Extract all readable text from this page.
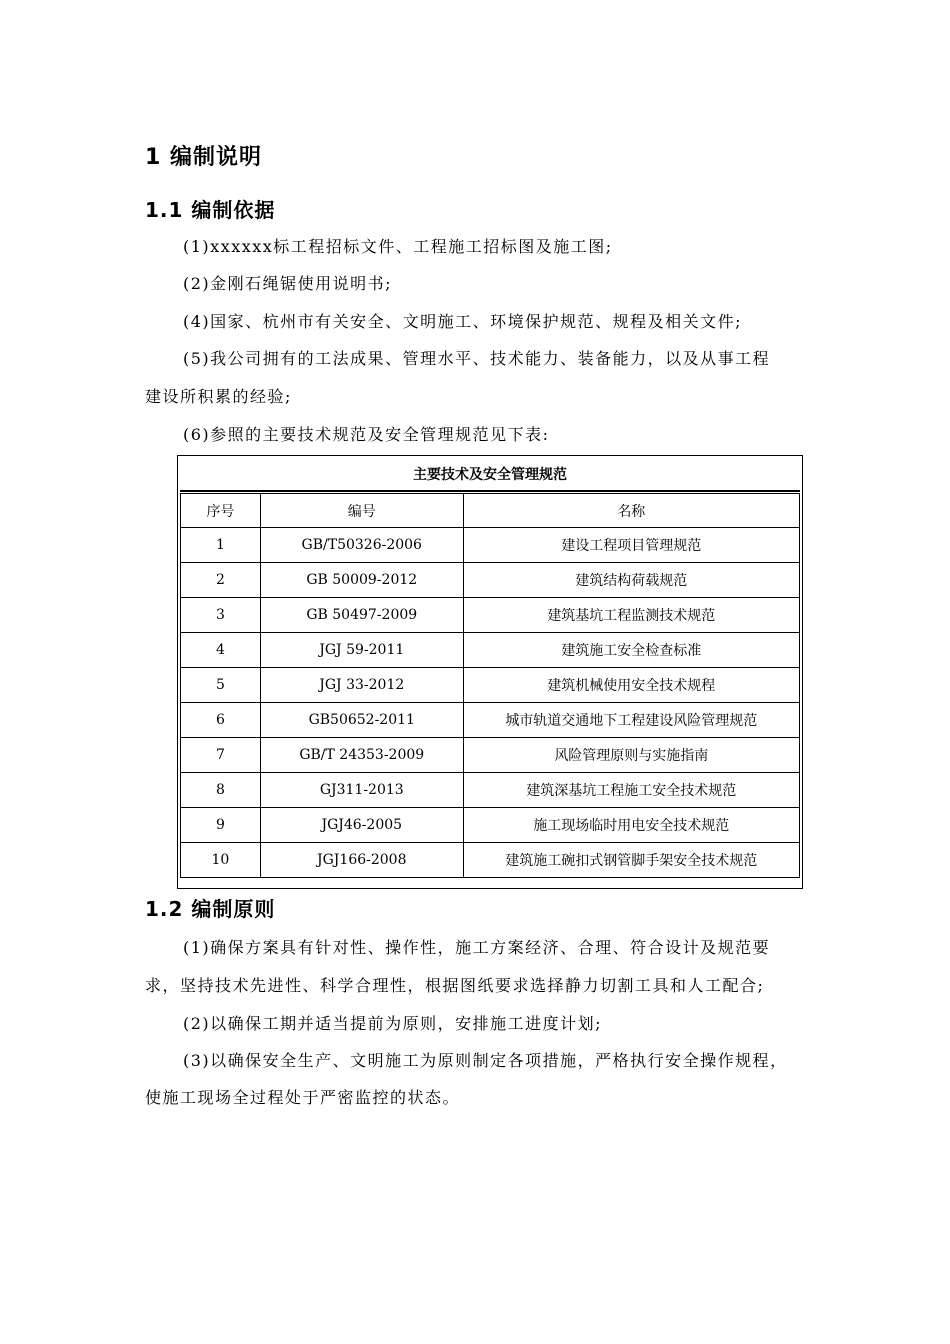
1 编制说明
1.1 编制依据
(1)xxxxxx标工程招标文件、工程施工招标图及施工图;
(2)金刚石绳锯使用说明书;
(4)国家、杭州市有关安全、文明施工、环境保护规范、规程及相关文件;
(5)我公司拥有的工法成果、管理水平、技术能力、装备能力，以及从事工程
建设所积累的经验;
(6)参照的主要技术规范及安全管理规范见下表:
主要技术及安全管理规范
序号	编号	名称
1	GB/T50326-2006	建设工程项目管理规范
2	GB 50009-2012	建筑结构荷载规范
3	GB 50497-2009	建筑基坑工程监测技术规范
4	JGJ 59-2011	建筑施工安全检查标准
5	JGJ 33-2012	建筑机械使用安全技术规程
6	GB50652-2011	城市轨道交通地下工程建设风险管理规范
7	GB/T 24353-2009	风险管理原则与实施指南
8	GJ311-2013	建筑深基坑工程施工安全技术规范
9	JGJ46-2005	施工现场临时用电安全技术规范
10	JGJ166-2008	建筑施工碗扣式钢管脚手架安全技术规范
1.2 编制原则
(1)确保方案具有针对性、操作性，施工方案经济、合理、符合设计及规范要
求，坚持技术先进性、科学合理性，根据图纸要求选择静力切割工具和人工配合;
(2)以确保工期并适当提前为原则，安排施工进度计划;
(3)以确保安全生产、文明施工为原则制定各项措施，严格执行安全操作规程，
使施工现场全过程处于严密监控的状态。
